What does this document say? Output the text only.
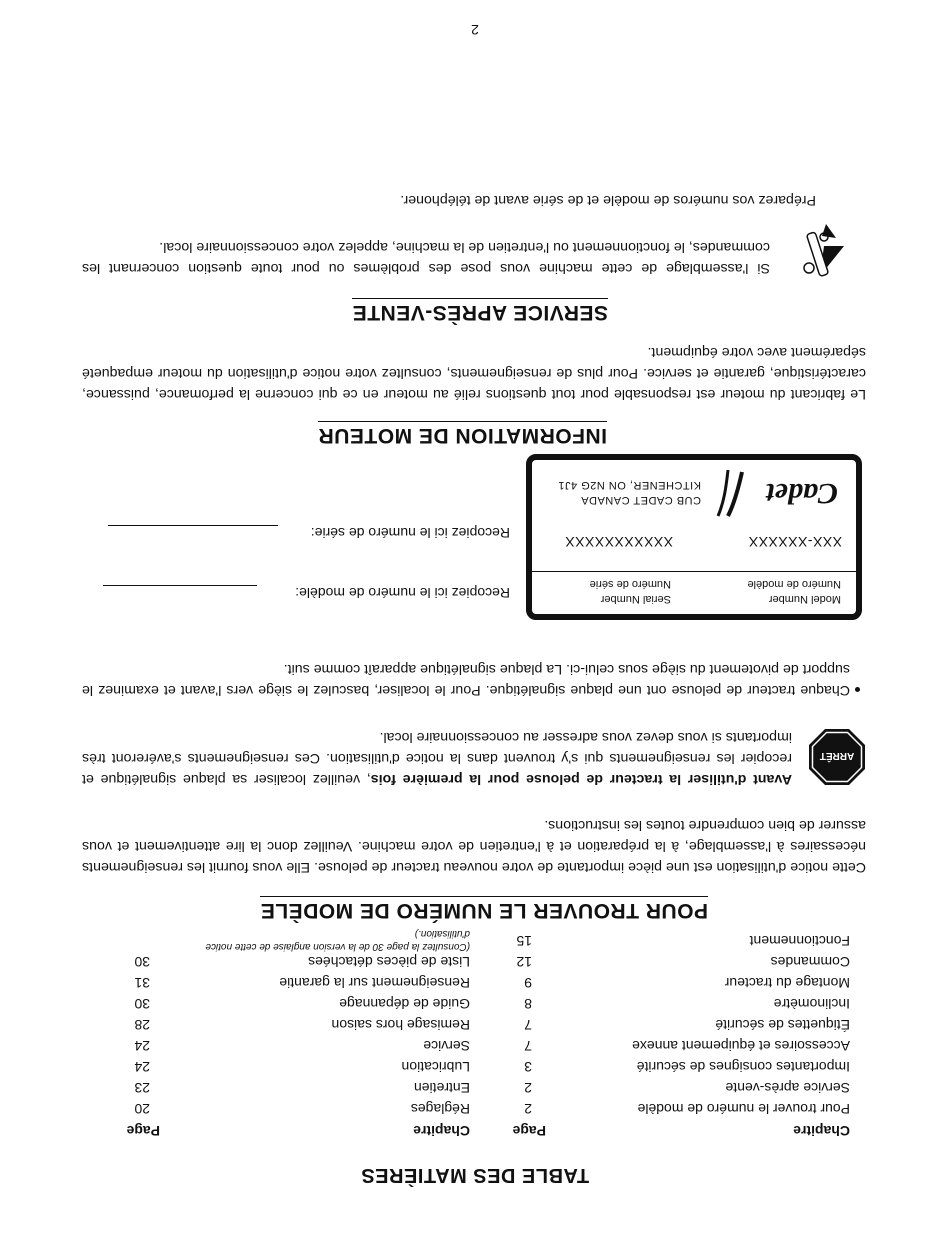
TABLE DES MATIÈRES
Chapitre
Page
Chapitre
Page
Pour trouver le numéro de modèle
2
Service après-vente
2
Importantes consignes de sécurité
3
Accessoires et équipement annexe
7
Étiquettes de sécurité
7
Inclinomètre
8
Montage du tracteur
9
Commandes
12
Fonctionnement
15
Réglages
20
Entretien
23
Lubrication
24
Service
24
Remisage hors saison
28
Guide de dépannage
30
Renseignement sur la garantie
31
Liste de pièces détachées
30
(Consultez la page 30 de la version anglaise de cette notice d'utilisation.)
POUR TROUVER LE NUMÉRO DE MODÈLE
Cette notice d'utilisation est une pièce importante de votre nouveau tracteur de pelouse. Elle vous fournit les renseignements nécessaires à l'assemblage, à la préparation et à l'entretien de votre machine. Veuillez donc la lire attentivement et vous assurer de bien comprendre toutes les instructions.
ARRÊT
Avant d'utiliser la tracteur de pelouse pour la première fois, veuillez localiser sa plaque signalétique et recopier les renseignements qui s'y trouvent dans la notice d'utilisation. Ces renseignements s'avéreront très importants si vous devez vous adresser au concessionnaire local.
Chaque tracteur de pelouse ont une plaque signalétique. Pour le localiser, basculez le siège vers l'avant et examinez le support de pivotement du siège sous celui-ci. La plaque signalétique apparaît comme suit.
Model Number
Numéro de modèle
Serial Number
Numéro de série
XXX-XXXXXX
XXXXXXXXXXX
Cadet
CUB CADET CANADA
KITCHENER, ON N2G 4J1
Recopiez ici le numéro de modèle:
Recopiez ici le numéro de série:
INFORMATION DE MOTEUR
Le fabricant du moteur est responsable pour tout questions relié au moteur en ce qui concerne la perfomance, puissance, caractéristique, garantie et service. Pour plus de renseignements, consultez votre notice d'utilisation du moteur empaqueté séparément avec votre équipment.
SERVICE APRÈS-VENTE
Si l'assemblage de cette machine vous pose des problèmes ou pour toute question concernant les commandes, le fonctionnement ou l'entretien de la machine, appelez votre concessionnaire local.
Préparez vos numéros de modèle et de série avant de téléphoner.
2
